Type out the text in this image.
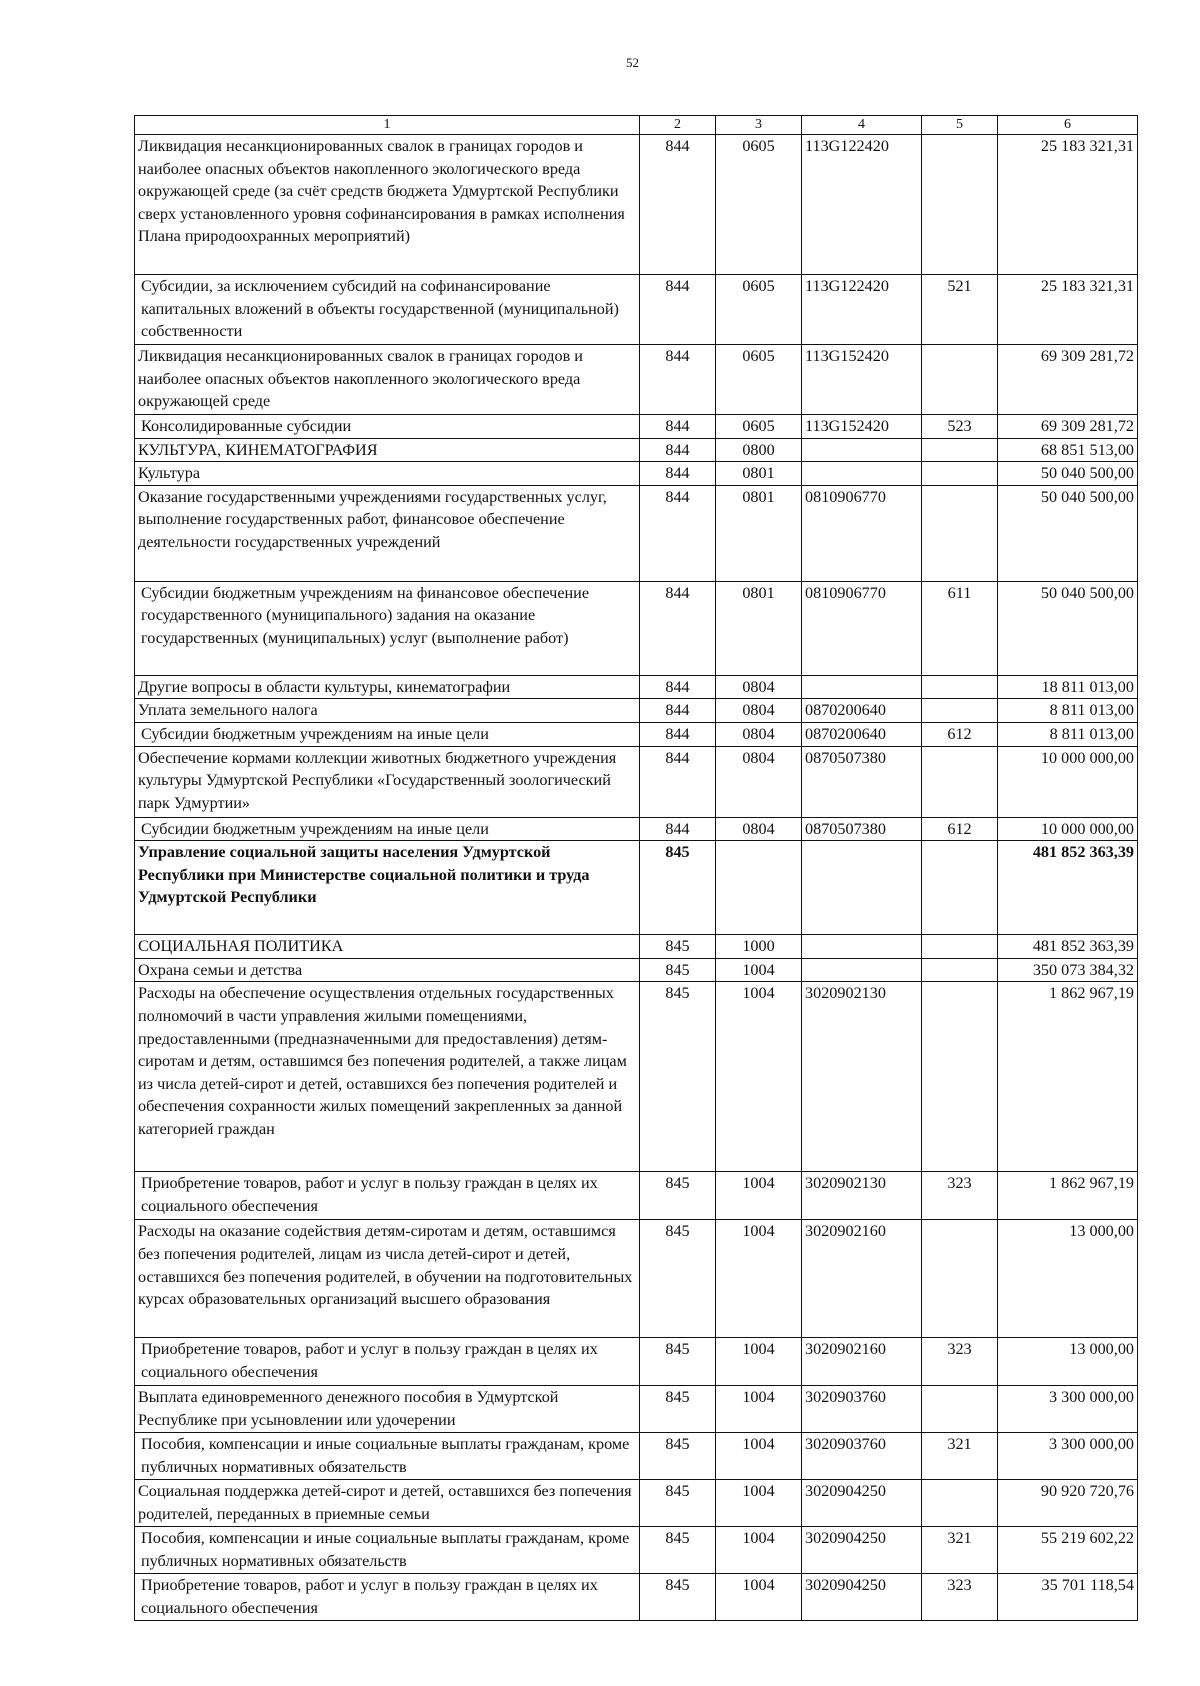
52
1	2	3	4	5	6
Ликвидация несанкционированных свалок в границах городов и наиболее опасных объектов накопленного экологического вреда окружающей среде (за счёт средств бюджета Удмуртской Республики сверх установленного уровня софинансирования в рамках исполнения Плана природоохранных мероприятий)	844	0605	113G122420		25 183 321,31
Субсидии, за исключением субсидий на софинансирование капитальных вложений в объекты государственной (муниципальной) собственности	844	0605	113G122420	521	25 183 321,31
Ликвидация несанкционированных свалок в границах городов и наиболее опасных объектов накопленного экологического вреда окружающей среде	844	0605	113G152420		69 309 281,72
Консолидированные субсидии	844	0605	113G152420	523	69 309 281,72
КУЛЬТУРА, КИНЕМАТОГРАФИЯ	844	0800			68 851 513,00
Культура	844	0801			50 040 500,00
Оказание государственными учреждениями государственных услуг, выполнение государственных работ, финансовое обеспечение деятельности государственных учреждений	844	0801	0810906770		50 040 500,00
Субсидии бюджетным учреждениям на финансовое обеспечение государственного (муниципального) задания на оказание государственных (муниципальных) услуг (выполнение работ)	844	0801	0810906770	611	50 040 500,00
Другие вопросы в области культуры, кинематографии	844	0804			18 811 013,00
Уплата земельного налога	844	0804	0870200640		8 811 013,00
Субсидии бюджетным учреждениям на иные цели	844	0804	0870200640	612	8 811 013,00
Обеспечение кормами коллекции животных бюджетного учреждения культуры Удмуртской Республики «Государственный зоологический парк Удмуртии»	844	0804	0870507380		10 000 000,00
Субсидии бюджетным учреждениям на иные цели	844	0804	0870507380	612	10 000 000,00
Управление социальной защиты населения Удмуртской Республики при Министерстве социальной политики и труда Удмуртской Республики	845				481 852 363,39
СОЦИАЛЬНАЯ ПОЛИТИКА	845	1000			481 852 363,39
Охрана семьи и детства	845	1004			350 073 384,32
Расходы на обеспечение осуществления отдельных государственных полномочий в части управления жилыми помещениями, предоставленными (предназначенными для предоставления) детям-сиротам и детям, оставшимся без попечения родителей, а также лицам из числа детей-сирот и детей, оставшихся без попечения родителей и обеспечения сохранности жилых помещений закрепленных за данной категорией граждан	845	1004	3020902130		1 862 967,19
Приобретение товаров, работ и услуг в пользу граждан в целях их социального обеспечения	845	1004	3020902130	323	1 862 967,19
Расходы на оказание содействия детям-сиротам и детям, оставшимся без попечения родителей, лицам из числа детей-сирот и детей, оставшихся без попечения родителей, в обучении на подготовительных курсах образовательных организаций высшего образования	845	1004	3020902160		13 000,00
Приобретение товаров, работ и услуг в пользу граждан в целях их социального обеспечения	845	1004	3020902160	323	13 000,00
Выплата единовременного денежного пособия в Удмуртской Республике при усыновлении или удочерении	845	1004	3020903760		3 300 000,00
Пособия, компенсации и иные социальные выплаты гражданам, кроме публичных нормативных обязательств	845	1004	3020903760	321	3 300 000,00
Социальная поддержка детей-сирот и детей, оставшихся без попечения родителей, переданных в приемные семьи	845	1004	3020904250		90 920 720,76
Пособия, компенсации и иные социальные выплаты гражданам, кроме публичных нормативных обязательств	845	1004	3020904250	321	55 219 602,22
Приобретение товаров, работ и услуг в пользу граждан в целях их социального обеспечения	845	1004	3020904250	323	35 701 118,54
